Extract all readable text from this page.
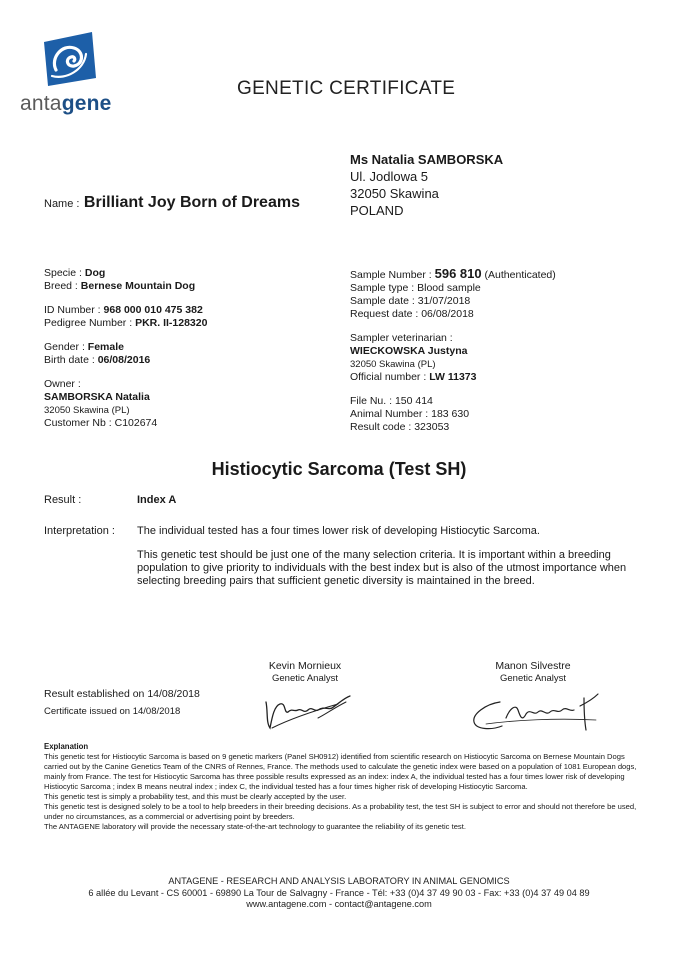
antagene
GENETIC CERTIFICATE
Ms Natalia SAMBORSKA
Ul. Jodlowa 5
32050 Skawina
POLAND
Name : Brilliant Joy Born of Dreams
Specie : Dog
Breed : Bernese Mountain Dog
ID Number : 968 000 010 475 382
Pedigree Number : PKR. II-128320
Gender : Female
Birth date : 06/08/2016
Owner :
SAMBORSKA Natalia
32050 Skawina (PL)
Customer Nb : C102674
Sample Number : 596 810 (Authenticated)
Sample type : Blood sample
Sample date : 31/07/2018
Request date : 06/08/2018
Sampler veterinarian :
WIECKOWSKA Justyna
32050 Skawina (PL)
Official number : LW 11373
File Nu. : 150 414
Animal Number : 183 630
Result code : 323053
Histiocytic Sarcoma (Test SH)
Result :	Index A
Interpretation : The individual tested has a four times lower risk of developing Histiocytic Sarcoma.
This genetic test should be just one of the many selection criteria. It is important within a breeding population to give priority to individuals with the best index but is also of the utmost importance when selecting breeding pairs that sufficient genetic diversity is maintained in the breed.
Kevin Mornieux
Genetic Analyst
Manon Silvestre
Genetic Analyst
Result established on 14/08/2018
Certificate issued on 14/08/2018
Explanation
This genetic test for Histiocytic Sarcoma is based on 9 genetic markers (Panel SH0912) identified from scientific research on Histiocytic Sarcoma on Bernese Mountain Dogs carried out by the Canine Genetics Team of the CNRS of Rennes, France. The methods used to calculate the genetic index were based on a population of 1081 European dogs, mainly from France. The test for Histiocytic Sarcoma has three possible results expressed as an index: index A, the individual tested has a four times lower risk of developing Histiocytic Sarcoma ; index B means neutral index ; index C, the individual tested has a four times higher risk of developing Histiocytic Sarcoma.
This genetic test is simply a probability test, and this must be clearly accepted by the user.
This genetic test is designed solely to be a tool to help breeders in their breeding decisions. As a probability test, the test SH is subject to error and should not therefore be used, under no circumstances, as a commercial or advertising point by breeders.
The ANTAGENE laboratory will provide the necessary state-of-the-art technology to guarantee the reliability of its genetic test.
ANTAGENE - RESEARCH AND ANALYSIS LABORATORY IN ANIMAL GENOMICS
6 allée du Levant - CS 60001 - 69890 La Tour de Salvagny - France - Tél: +33 (0)4 37 49 90 03 - Fax: +33 (0)4 37 49 04 89
www.antagene.com - contact@antagene.com
